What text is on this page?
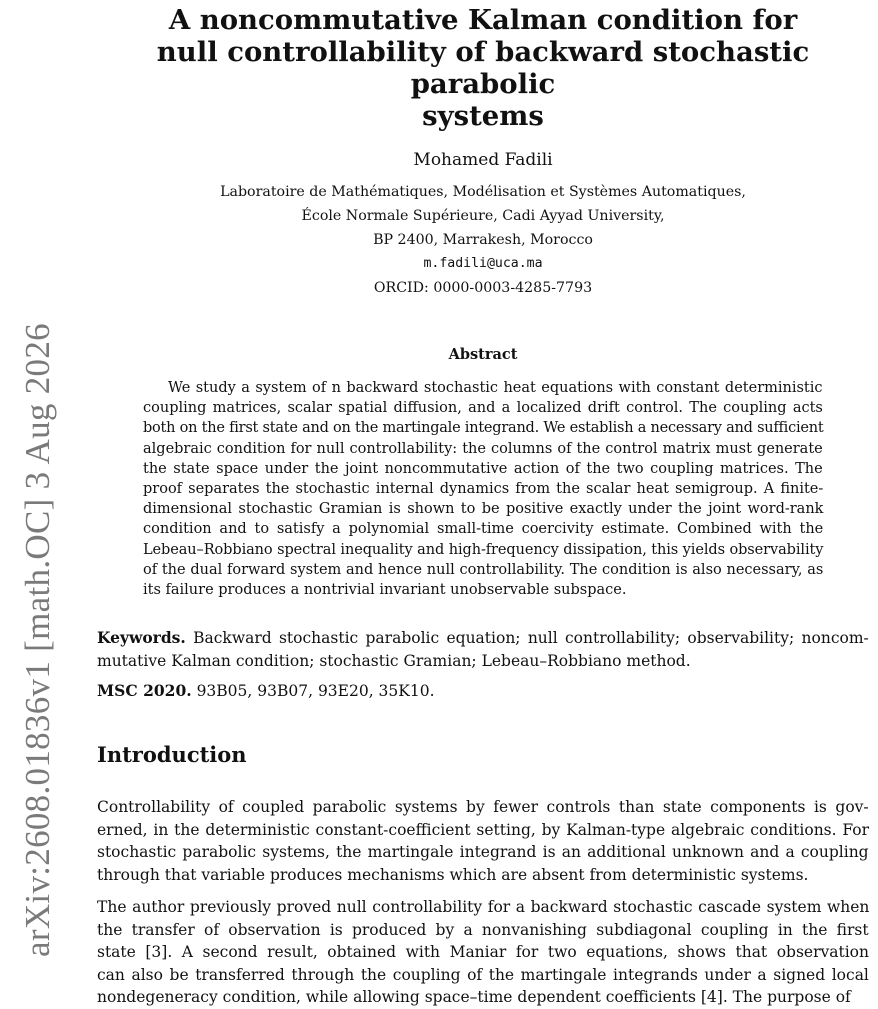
arXiv:2608.01836v1 [math.OC] 3 Aug 2026
A noncommutative Kalman condition for
null controllability of backward stochastic parabolic
systems
Mohamed Fadili
Laboratoire de Mathématiques, Modélisation et Systèmes Automatiques,
École Normale Supérieure, Cadi Ayyad University,
BP 2400, Marrakesh, Morocco
m.fadili@uca.ma
ORCID: 0000-0003-4285-7793
Abstract
We study a system of n backward stochastic heat equations with constant deterministic
coupling matrices, scalar spatial diffusion, and a localized drift control. The coupling acts
both on the first state and on the martingale integrand. We establish a necessary and sufficient
algebraic condition for null controllability: the columns of the control matrix must generate
the state space under the joint noncommutative action of the two coupling matrices. The
proof separates the stochastic internal dynamics from the scalar heat semigroup. A finite-
dimensional stochastic Gramian is shown to be positive exactly under the joint word-rank
condition and to satisfy a polynomial small-time coercivity estimate. Combined with the
Lebeau–Robbiano spectral inequality and high-frequency dissipation, this yields observability
of the dual forward system and hence null controllability. The condition is also necessary, as
its failure produces a nontrivial invariant unobservable subspace.
Keywords. Backward stochastic parabolic equation; null controllability; observability; noncom-
mutative Kalman condition; stochastic Gramian; Lebeau–Robbiano method.
MSC 2020. 93B05, 93B07, 93E20, 35K10.
Introduction
Controllability of coupled parabolic systems by fewer controls than state components is gov-
erned, in the deterministic constant-coefficient setting, by Kalman-type algebraic conditions. For
stochastic parabolic systems, the martingale integrand is an additional unknown and a coupling
through that variable produces mechanisms which are absent from deterministic systems.
The author previously proved null controllability for a backward stochastic cascade system when
the transfer of observation is produced by a nonvanishing subdiagonal coupling in the first
state [3]. A second result, obtained with Maniar for two equations, shows that observation
can also be transferred through the coupling of the martingale integrands under a signed local
nondegeneracy condition, while allowing space–time dependent coefficients [4]. The purpose of
